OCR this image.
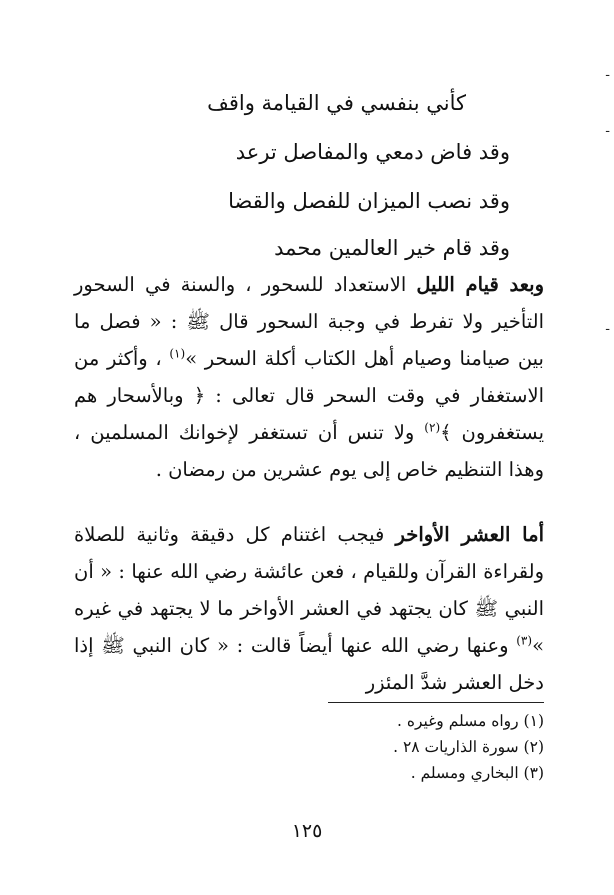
-
-
-
كأني بنفسي في القيامة واقف
وقد فاض دمعي والمفاصل ترعد
وقد نصب الميزان للفصل والقضا
وقد قام خير العالمين محمد

وبعد قيام الليل الاستعداد للسحور ، والسنة في السحور التأخير ولا تفرط في وجبة السحور قال ﷺ : « فصل ما بين صيامنا وصيام أهل الكتاب أكلة السحر »$^{(١)}$ ، وأكثر من الاستغفار في وقت السحر قال تعالى : ﴿ وبالأسحار هم يستغفرون ﴾$^{(٢)}$ ولا تنس أن تستغفر لإخوانك المسلمين ، وهذا التنظيم خاص إلى يوم عشرين من رمضان .

أما العشر الأواخر فيجب اغتنام كل دقيقة وثانية للصلاة ولقراءة القرآن وللقيام ، فعن عائشة رضي الله عنها : « أن النبي ﷺ كان يجتهد في العشر الأواخر ما لا يجتهد في غيره »$^{(٣)}$ وعنها رضي الله عنها أيضاً قالت : « كان النبي ﷺ إذا دخل العشر شدَّ المئزر

(١) رواه مسلم وغيره .
(٢) سورة الذاريات ٢٨ .
(٣) البخاري ومسلم .
١٢٥
